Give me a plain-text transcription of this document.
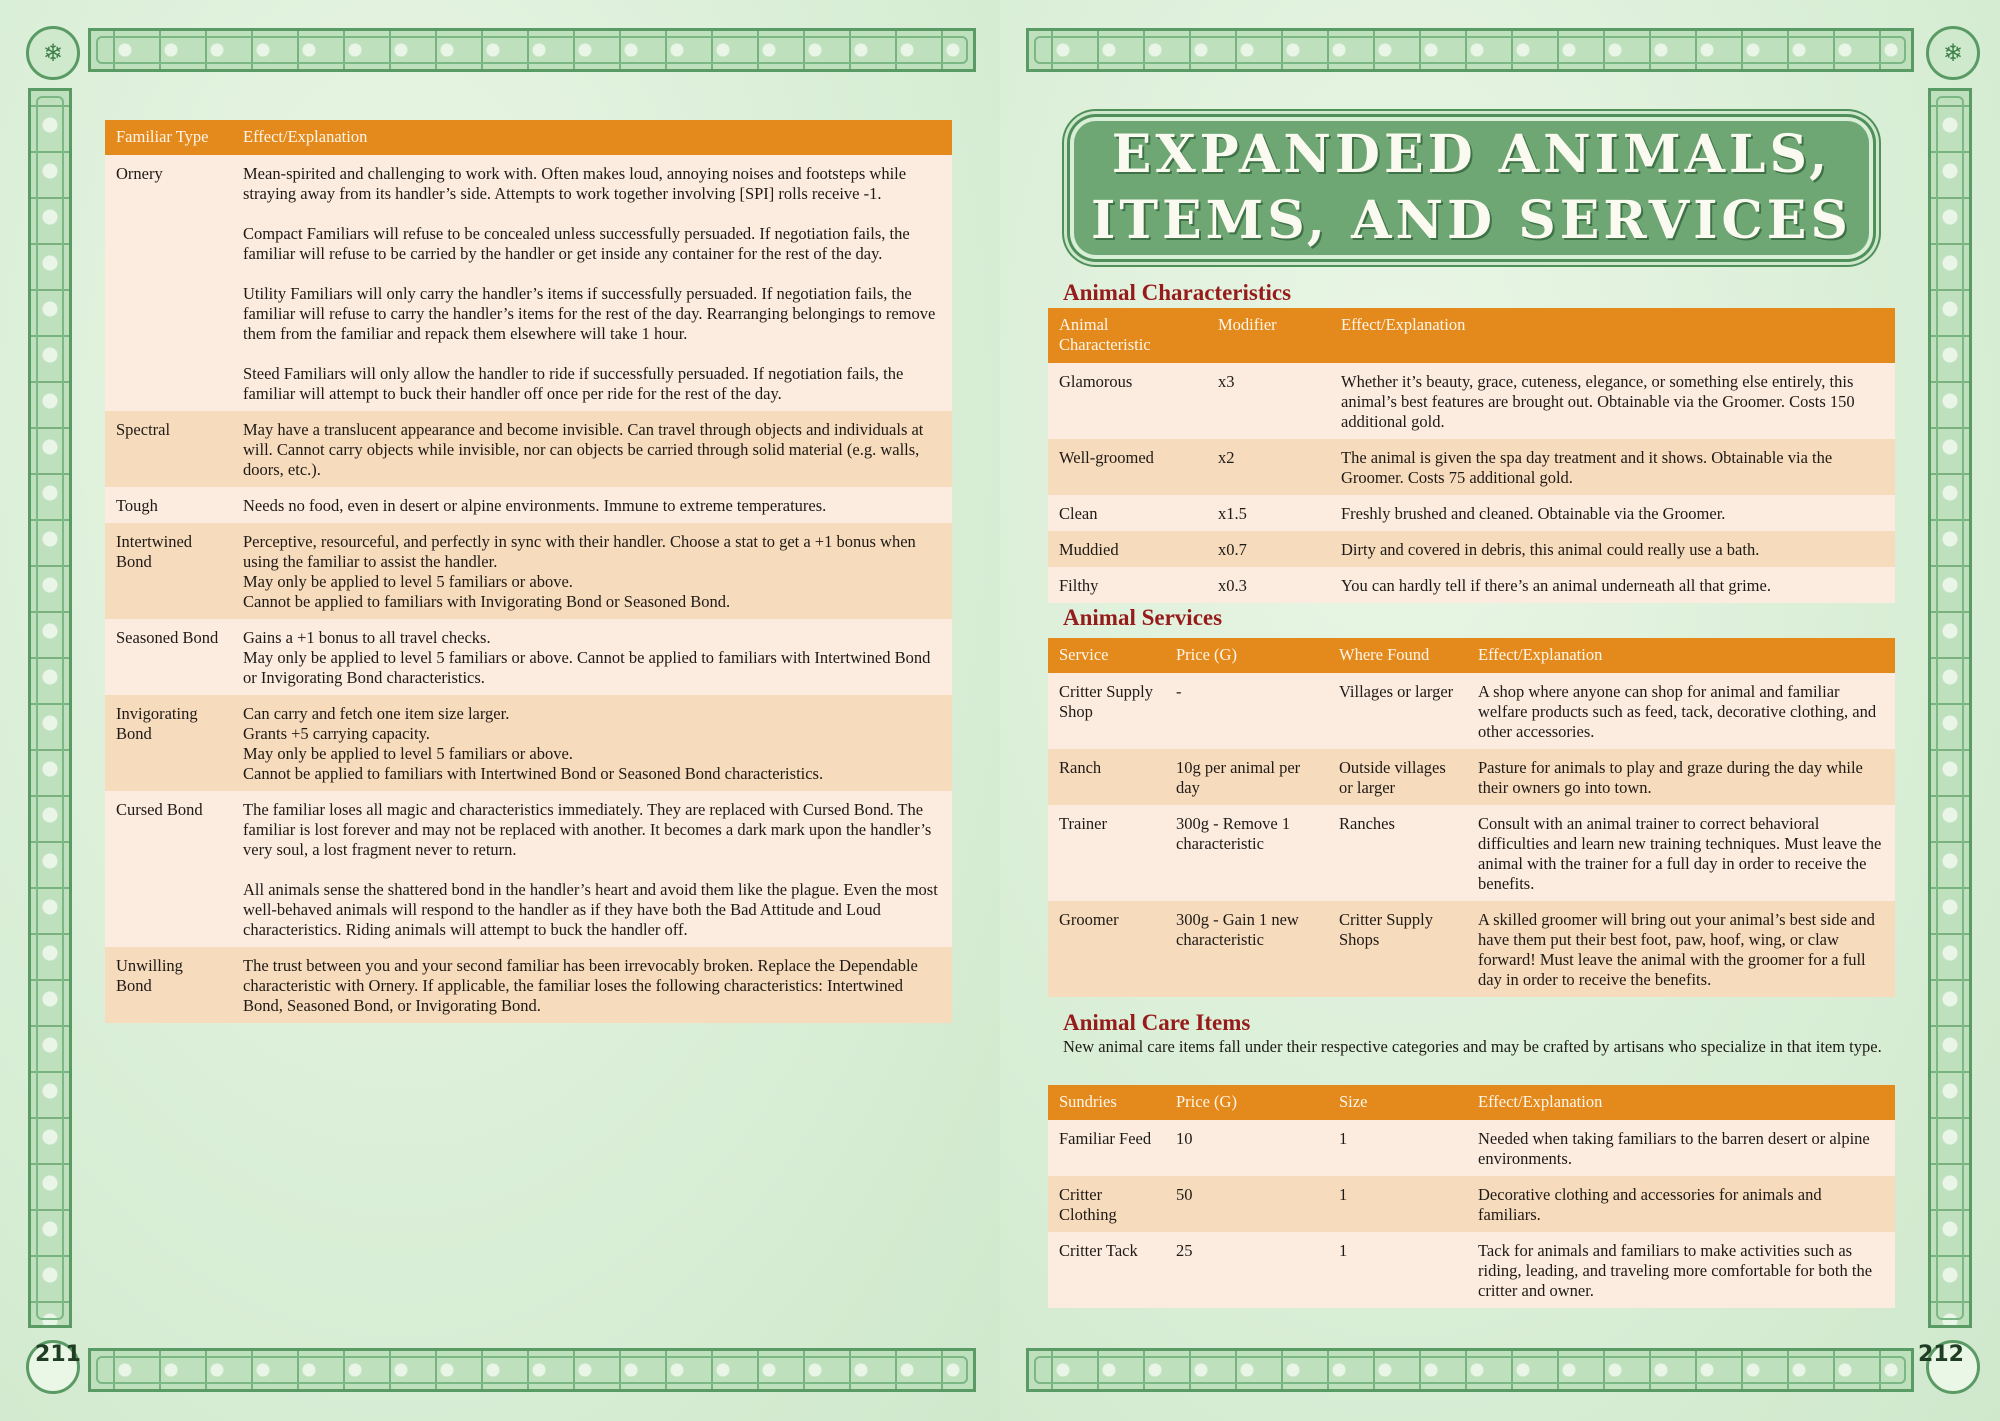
❄
211
Familiar Type	Effect/Explanation
Ornery	Mean-spirited and challenging to work with. Often makes loud, annoying noises and footsteps while straying away from its handler’s side. Attempts to work together involving [SPI] rolls receive -1.
Compact Familiars will refuse to be concealed unless successfully persuaded. If negotiation fails, the familiar will refuse to be carried by the handler or get inside any container for the rest of the day.
Utility Familiars will only carry the handler’s items if successfully persuaded. If negotiation fails, the familiar will refuse to carry the handler’s items for the rest of the day. Rearranging belongings to remove them from the familiar and repack them elsewhere will take 1 hour.
Steed Familiars will only allow the handler to ride if successfully persuaded. If negotiation fails, the familiar will attempt to buck their handler off once per ride for the rest of the day.

Spectral	May have a translucent appearance and become invisible. Can travel through objects and individuals at will. Cannot carry objects while invisible, nor can objects be carried through solid material (e.g. walls, doors, etc.).

Tough	Needs no food, even in desert or alpine environments. Immune to extreme temperatures.

Intertwined Bond	Perceptive, resourceful, and perfectly in sync with their handler. Choose a stat to get a +1 bonus when using the familiar to assist the handler.
May only be applied to level 5 familiars or above.
Cannot be applied to familiars with Invigorating Bond or Seasoned Bond.

Seasoned Bond	Gains a +1 bonus to all travel checks.
May only be applied to level 5 familiars or above. Cannot be applied to familiars with Intertwined Bond or Invigorating Bond characteristics.

Invigorating Bond	Can carry and fetch one item size larger.
Grants +5 carrying capacity.
May only be applied to level 5 familiars or above.
Cannot be applied to familiars with Intertwined Bond or Seasoned Bond characteristics.

Cursed Bond	The familiar loses all magic and characteristics immediately. They are replaced with Cursed Bond. The familiar is lost forever and may not be replaced with another. It becomes a dark mark upon the handler’s very soul, a lost fragment never to return.
All animals sense the shattered bond in the handler’s heart and avoid them like the plague. Even the most well-behaved animals will respond to the handler as if they have both the Bad Attitude and Loud characteristics. Riding animals will attempt to buck the handler off.

Unwilling Bond	The trust between you and your second familiar has been irrevocably broken. Replace the Dependable characteristic with Ornery. If applicable, the familiar loses the following characteristics: Intertwined Bond, Seasoned Bond, or Invigorating Bond.
❄
212
EXPANDED ANIMALS,
ITEMS, AND SERVICES
Animal Characteristics
Animal Characteristic	Modifier	Effect/Explanation
Glamorous	x3	Whether it’s beauty, grace, cuteness, elegance, or something else entirely, this animal’s best features are brought out. Obtainable via the Groomer. Costs 150 additional gold.
Well-groomed	x2	The animal is given the spa day treatment and it shows. Obtainable via the Groomer. Costs 75 additional gold.
Clean	x1.5	Freshly brushed and cleaned. Obtainable via the Groomer.
Muddied	x0.7	Dirty and covered in debris, this animal could really use a bath.
Filthy	x0.3	You can hardly tell if there’s an animal underneath all that grime.
Animal Services
Service	Price (G)	Where Found	Effect/Explanation
Critter Supply Shop	-	Villages or larger	A shop where anyone can shop for animal and familiar welfare products such as feed, tack, decorative clothing, and other accessories.
Ranch	10g per animal per day	Outside villages or larger	Pasture for animals to play and graze during the day while their owners go into town.
Trainer	300g - Remove 1 characteristic	Ranches	Consult with an animal trainer to correct behavioral difficulties and learn new training techniques. Must leave the animal with the trainer for a full day in order to receive the benefits.
Groomer	300g - Gain 1 new characteristic	Critter Supply Shops	A skilled groomer will bring out your animal’s best side and have them put their best foot, paw, hoof, wing, or claw forward! Must leave the animal with the groomer for a full day in order to receive the benefits.
Animal Care Items
New animal care items fall under their respective categories and may be crafted by artisans who specialize in that item type.
Sundries	Price (G)	Size	Effect/Explanation
Familiar Feed	10	1	Needed when taking familiars to the barren desert or alpine environments.
Critter Clothing	50	1	Decorative clothing and accessories for animals and familiars.
Critter Tack	25	1	Tack for animals and familiars to make activities such as riding, leading, and traveling more comfortable for both the critter and owner.
